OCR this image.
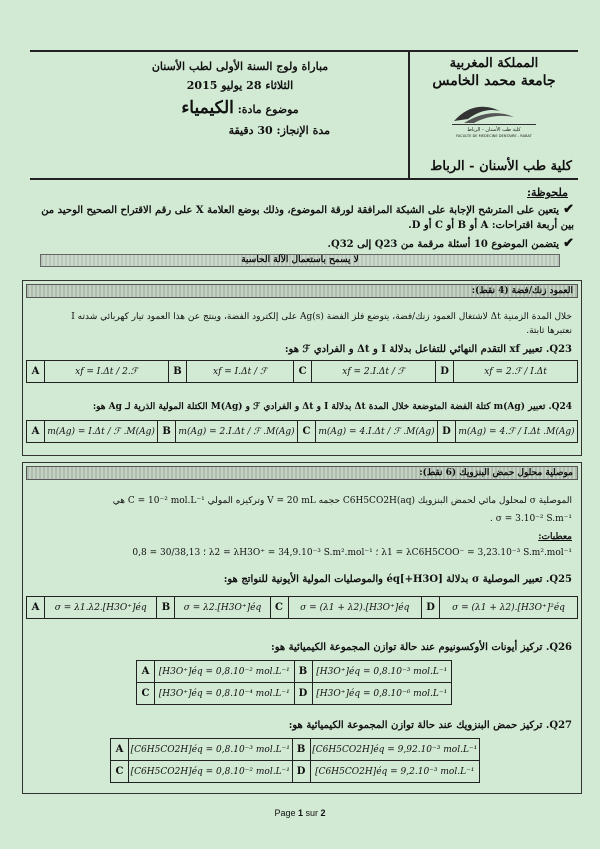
مباراة ولوج السنة الأولى لطب الأسنان
الثلاثاء 28 يوليو 2015
موضوع مادة: الكيمياء
مدة الإنجاز: 30 دقيقة
المملكة المغربية
جامعة محمد الخامس
كلية طب الأسنان - الرباط
FACULTE DE MEDECINE DENTAIRE - RABAT
كلية طب الأسنان - الرباط
ملحوظة:
✔يتعين على المترشح الإجابة على الشبكة المرافقة لورقة الموضوع، وذلك بوضع العلامة X على رقم الاقتراح الصحيح الوحيد من بين أربعة اقتراحات: A أو B أو C أو D.
✔يتضمن الموضوع 10 أسئلة مرقمة من Q23 إلى Q32.
لا يسمح باستعمال الآلة الحاسبة
العمود زنك/فضة (4 نقط):
خلال المدة الزمنية Δt لاشتغال العمود زنك/فضة، يتوضع فلز الفضة Ag(s) على إلكترود الفضة، وينتج عن هذا العمود تيار كهربائي شدته I
نعتبرها ثابتة.
Q23. تعبير xf التقدم النهائي للتفاعل بدلالة I و Δt و الفرادي ℱ هو:
A	xf = I.Δt / 2.ℱ	B	xf = I.Δt / ℱ	C	xf = 2.I.Δt / ℱ	D	xf = 2.ℱ / I.Δt
Q24. تعبير m(Ag) كتلة الفضة المتوضعة خلال المدة Δt بدلالة I و Δt و الفرادي ℱ و M(Ag) الكتلة المولية الذرية لـ Ag هو:
A	m(Ag) = I.Δt / ℱ .M(Ag)	B	m(Ag) = 2.I.Δt / ℱ .M(Ag)	C	m(Ag) = 4.I.Δt / ℱ .M(Ag)	D	m(Ag) = 4.ℱ / I.Δt .M(Ag)
موصلية محلول حمض البنزويك (6 نقط):
الموصلية σ لمحلول مائي لحمض البنزويك C6H5CO2H(aq) حجمه V = 20 mL وتركيزه المولي C = 10⁻² mol.L⁻¹ هي
σ = 3.10⁻² S.m⁻¹ .
معطيات:
λ1 = λC6H5COO⁻ = 3,23.10⁻³ S.m².mol⁻¹ ؛ λ2 = λH3O⁺ = 34,9.10⁻³ S.m².mol⁻¹ ؛ 30/38,13 = 0,8
Q25. تعبير الموصلية σ بدلالة [H3O+]éq والموصليات المولية الأيونية للنواتج هو:
A	σ = λ1.λ2.[H3O⁺]éq	B	σ = λ2.[H3O⁺]éq	C	σ = (λ1 + λ2).[H3O⁺]éq	D	σ = (λ1 + λ2).[H3O⁺]²éq
Q26. تركيز أيونات الأوكسونيوم عند حالة توازن المجموعة الكيميائية هو:
A	[H3O⁺]éq = 0,8.10⁻² mol.L⁻¹	B	[H3O⁺]éq = 0,8.10⁻³ mol.L⁻¹
C	[H3O⁺]éq = 0,8.10⁻⁴ mol.L⁻¹	D	[H3O⁺]éq = 0,8.10⁻⁶ mol.L⁻¹
Q27. تركيز حمض البنزويك عند حالة توازن المجموعة الكيميائية هو:
A	[C6H5CO2H]éq = 0,8.10⁻³ mol.L⁻¹	B	[C6H5CO2H]éq = 9,92.10⁻³ mol.L⁻¹
C	[C6H5CO2H]éq = 0,8.10⁻² mol.L⁻¹	D	[C6H5CO2H]éq = 9,2.10⁻³ mol.L⁻¹
Page 1 sur 2
